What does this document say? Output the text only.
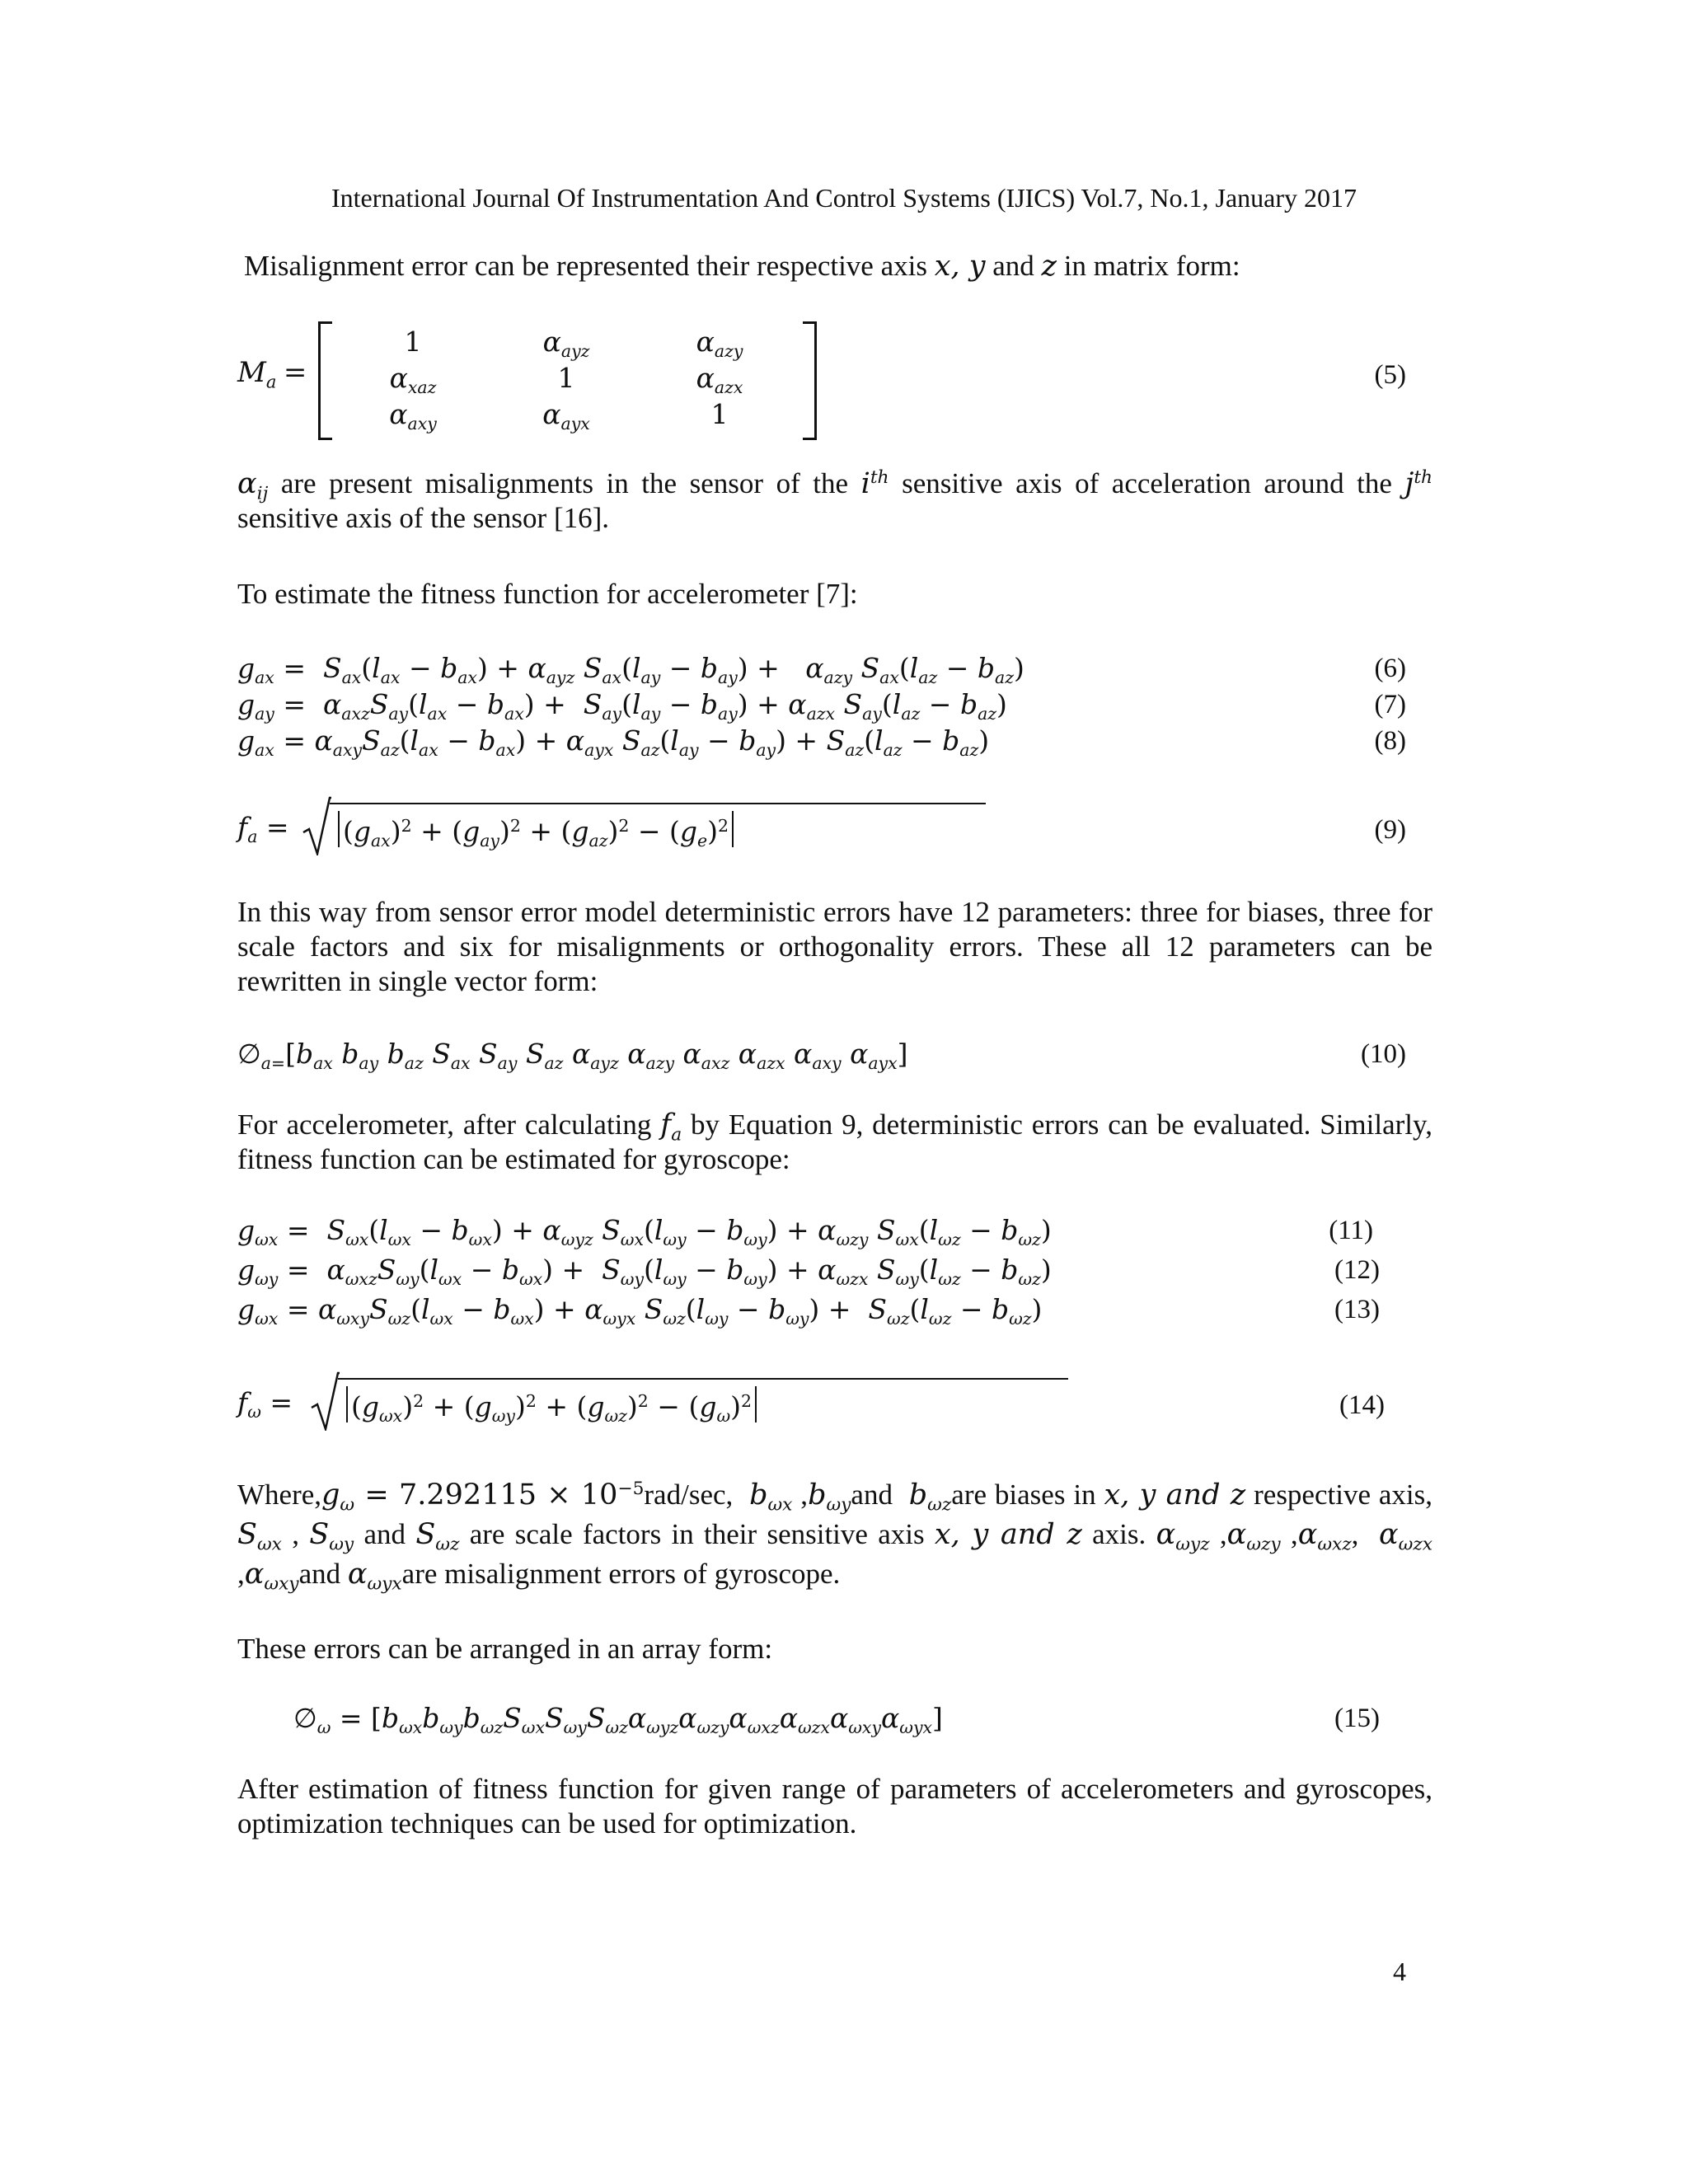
International Journal Of Instrumentation And Control Systems (IJICS) Vol.7, No.1, January 2017

Misalignment error can be represented their respective axis x, y and z in matrix form:

$M_a$ =
1	$\alpha_{ayz}$	$\alpha_{azy}$
$\alpha_{xaz}$	1	$\alpha_{azx}$
$\alpha_{axy}$	$\alpha_{ayx}$	1
(5)

$\alpha_{ij}$ are present misalignments in the sensor of the $i^{th}$ sensitive axis of acceleration around the $j^{th}$ sensitive axis of the sensor [16].

To estimate the fitness function for accelerometer [7]:

$g_{ax} = S_{ax}(l_{ax} - b_{ax}) + \alpha_{ayz}$ $S_{ax}(l_{ay} - b_{ay}) + \alpha_{azy}$ $S_{ax}(l_{az} - b_{az})$	(6)
$g_{ay} = \alpha_{axz}S_{ay}(l_{ax} - b_{ax}) + S_{ay}(l_{ay} - b_{ay}) + \alpha_{azx}$ $S_{ay}(l_{az} - b_{az})$	(7)
$g_{ax} = \alpha_{axy}S_{az}(l_{ax} - b_{ax}) + \alpha_{ayx}$ $S_{az}(l_{ay} - b_{ay}) + S_{az}(l_{az} - b_{az})$	(8)
$f_a$ =	$(g_{ax})^2 + (g_{ay})^2 + (g_{az})^2 - (g_e)^2$	(9)

In this way from sensor error model deterministic errors have 12 parameters: three for biases, three for scale factors and six for misalignments or orthogonality errors. These all 12 parameters can be rewritten in single vector form:

$\emptyset_{a=}[b_{ax}$ $b_{ay}$ $b_{az}$ $S_{ax}$ $S_{ay}$ $S_{az}$ $\alpha_{ayz}$ $\alpha_{azy}$ $\alpha_{axz}$ $\alpha_{azx}$ $\alpha_{axy}$ $\alpha_{ayx}$]	(10)

For accelerometer, after calculating $f_a$ by Equation 9, deterministic errors can be evaluated. Similarly, fitness function can be estimated for gyroscope:

$g_{\omega x} = S_{\omega x}(l_{\omega x} - b_{\omega x}) + \alpha_{\omega yz}$ $S_{\omega x}(l_{\omega y} - b_{\omega y}) + \alpha_{\omega zy}$ $S_{\omega x}(l_{\omega z} - b_{\omega z})$	(11)
$g_{\omega y} = \alpha_{\omega xz}S_{\omega y}(l_{\omega x} - b_{\omega x}) + S_{\omega y}(l_{\omega y} - b_{\omega y}) + \alpha_{\omega zx}$ $S_{\omega y}(l_{\omega z} - b_{\omega z})$	(12)
$g_{\omega x} = \alpha_{\omega xy}S_{\omega z}(l_{\omega x} - b_{\omega x}) + \alpha_{\omega yx}$ $S_{\omega z}(l_{\omega y} - b_{\omega y}) + S_{\omega z}(l_{\omega z} - b_{\omega z})$	(13)
$f_\omega$ =	$(g_{\omega x})^2 + (g_{\omega y})^2 + (g_{\omega z})^2 - (g_\omega)^2$	(14)

$Where,g_\omega = 7.292115 \times 10^{-5}rad/\sec$, $b_{\omega x}$ $,b_{\omega y}and$  $b_{\omega z}are$ biases in x, y and z respective axis, $S_{\omega x}$ , $S_{\omega y}$ and $S_{\omega z}$ are scale factors in their sensitive axis x, y and z axis. $\alpha_{\omega yz}$ $,\alpha_{\omega zy}$ $,\alpha_{\omega xz}$,  $\alpha_{\omega zx}$ $,\alpha_{\omega xy}and$ $\alpha_{\omega yx}are$ misalignment errors of gyroscope.

These errors can be arranged in an array form:

$\emptyset_\omega = [b_{\omega x}b_{\omega y}b_{\omega z}S_{\omega x}S_{\omega y}S_{\omega z}\alpha_{\omega yz}\alpha_{\omega zy}\alpha_{\omega xz}\alpha_{\omega zx}\alpha_{\omega xy}\alpha_{\omega yx}]$	(15)

After estimation of fitness function for given range of parameters of accelerometers and gyroscopes, optimization techniques can be used for optimization.

4
